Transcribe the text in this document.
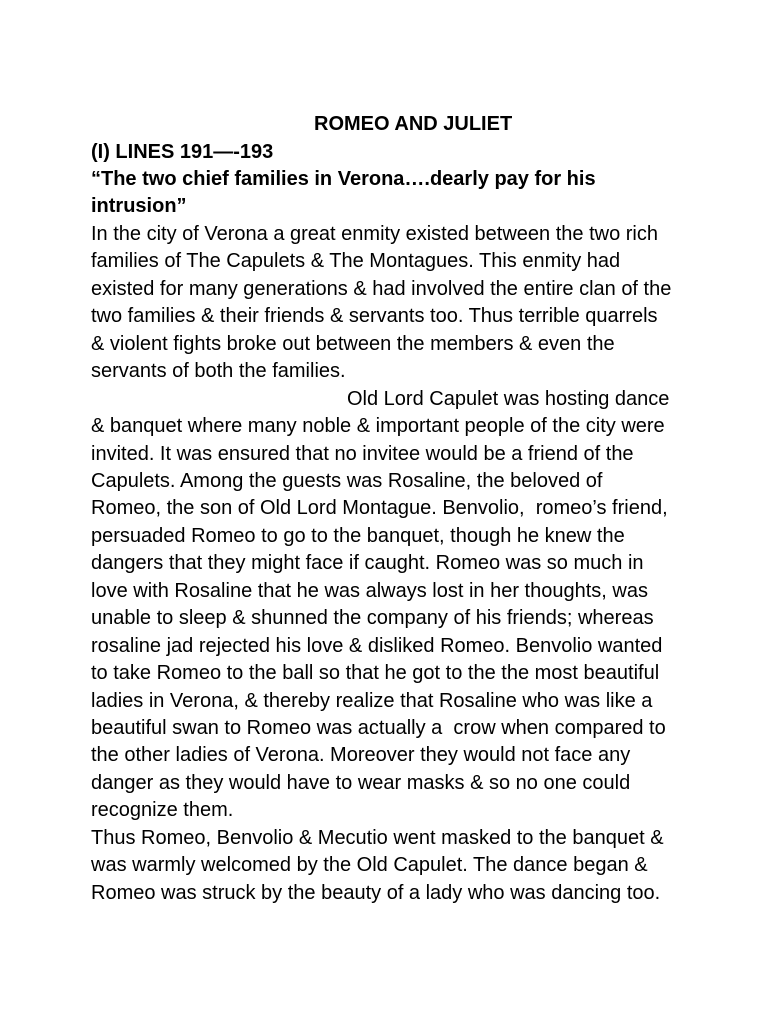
ROMEO AND JULIET
(I) LINES 191—-193
“The two chief families in Verona….dearly pay for his
intrusion”
In the city of Verona a great enmity existed between the two rich
families of The Capulets & The Montagues. This enmity had
existed for many generations & had involved the entire clan of the
two families & their friends & servants too. Thus terrible quarrels
& violent fights broke out between the members & even the
servants of both the families.
Old Lord Capulet was hosting dance
& banquet where many noble & important people of the city were
invited. It was ensured that no invitee would be a friend of the
Capulets. Among the guests was Rosaline, the beloved of
Romeo, the son of Old Lord Montague. Benvolio,  romeo’s friend,
persuaded Romeo to go to the banquet, though he knew the
dangers that they might face if caught. Romeo was so much in
love with Rosaline that he was always lost in her thoughts, was
unable to sleep & shunned the company of his friends; whereas
rosaline jad rejected his love & disliked Romeo. Benvolio wanted
to take Romeo to the ball so that he got to the the most beautiful
ladies in Verona, & thereby realize that Rosaline who was like a
beautiful swan to Romeo was actually a  crow when compared to
the other ladies of Verona. Moreover they would not face any
danger as they would have to wear masks & so no one could
recognize them.
Thus Romeo, Benvolio & Mecutio went masked to the banquet &
was warmly welcomed by the Old Capulet. The dance began &
Romeo was struck by the beauty of a lady who was dancing too.
